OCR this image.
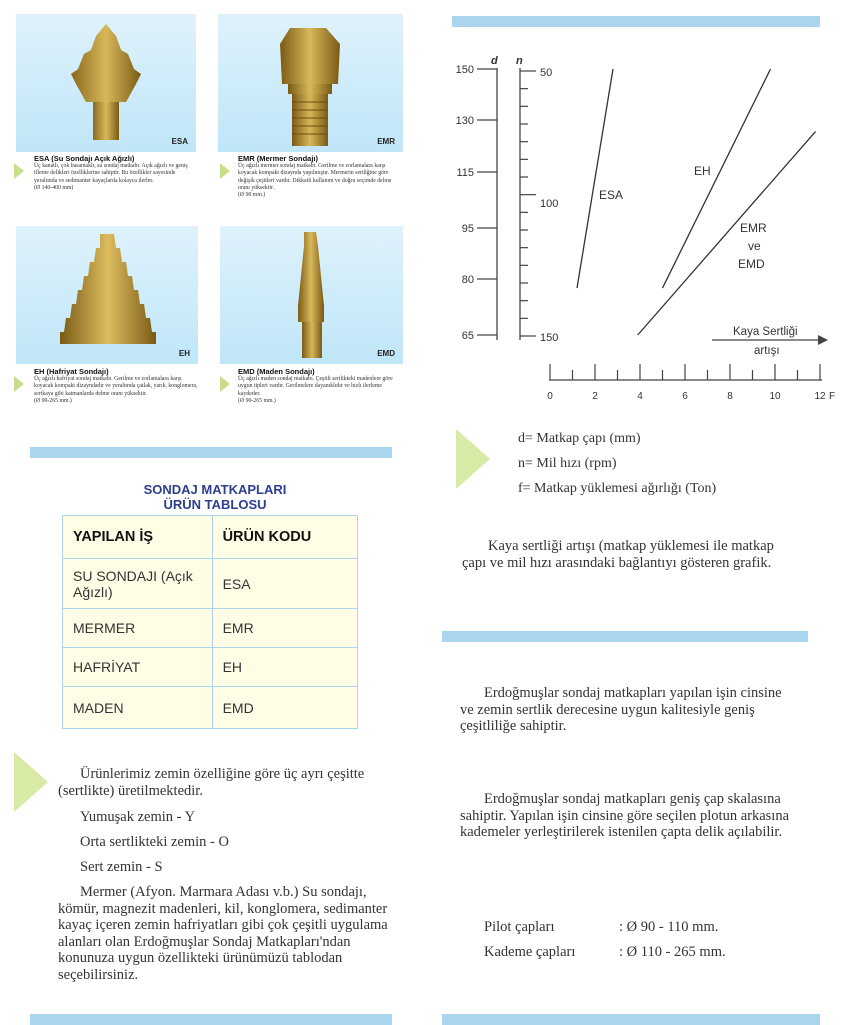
ESA	EMR
EH	EMD
ESA (Su Sondajı Açık Ağızlı)
Üç kanatlı, çok basamaklı, su sondaj matkabı. Açık ağızlı ve geniş ifleme delikleri özelliklerine sahiptir. Bu özellikler sayesinde yeraltında ve sedimanter kayaçlarda kolayca ilerler.
(Ø 140-400 mm)
EMR (Mermer Sondajı)
Üç ağızlı mermer sondaj matkabı. Gerilme ve zorlamalara karşı koyacak kompakt dizaynda yapılmıştır. Mermerin sertliğine göre değişik çeşitleri vardır. Dikkatli kullanım ve doğru seçimde delme oranı yüksektir.
(Ø 90 mm.)
EH (Hafriyat Sondajı)
Üç ağızlı hafriyat sondaj matkabı. Gerilme ve zorlamalara karşı koyacak kompakt dizayndadır ve yeraltında çatlak, yarık, konglomera, sertkaya gibi katmanlarda delme oranı yüksektir.
(Ø 90-265 mm.)
EMD (Maden Sondajı)
Üç ağızlı maden sondaj matkabı. Çeşitli sertlikteki madenlere göre uygun tipleri vardır. Gerilmelere dayanıklıdır ve hızlı ilerleme kaydeder.
(Ø 90-265 mm.)
SONDAJ MATKAPLARI
ÜRÜN TABLOSU
YAPILAN İŞ	ÜRÜN KODU
SU SONDAJI (Açık Ağızlı)	ESA
MERMER	EMR
HAFRİYAT	EH
MADEN	EMD
Ürünlerimiz zemin özelliğine göre üç ayrı çeşitte (sertlikte) üretilmektedir.
Yumuşak zemin - Y
Orta sertlikteki zemin - O
Sert zemin - S
Mermer (Afyon. Marmara Adası v.b.) Su sondajı, kömür, magnezit madenleri, kil, konglomera, sedimanter kayaç içeren zemin hafriyatları gibi çok çeşitli uygulama alanları olan Erdoğmuşlar Sondaj Matkapları'ndan konunuza uygun özellikteki ürünümüzü tablodan seçebilirsiniz.
65
80
95
115
130
150	50
100
150
0	2	4	6	8	10	12
d n
F
Kaya Sertliği
artışı
ESA
EH
EMR
ve
EMD
d= Matkap çapı (mm)
n= Mil hızı (rpm)
f= Matkap yüklemesi ağırlığı (Ton)
Kaya sertliği artışı (matkap yüklemesi ile matkap çapı ve mil hızı arasındaki bağlantıyı gösteren grafik.
Erdoğmuşlar sondaj matkapları yapılan işin cinsine ve zemin sertlik derecesine uygun kalitesiyle geniş çeşitliliğe sahiptir.
Erdoğmuşlar sondaj matkapları geniş çap skalasına sahiptir. Yapılan işin cinsine göre seçilen plotun arkasına kademeler yerleştirilerek istenilen çapta delik açılabilir.
Pilot çapları	: Ø 90 - 110 mm.
Kademe çapları	: Ø 110 - 265 mm.
